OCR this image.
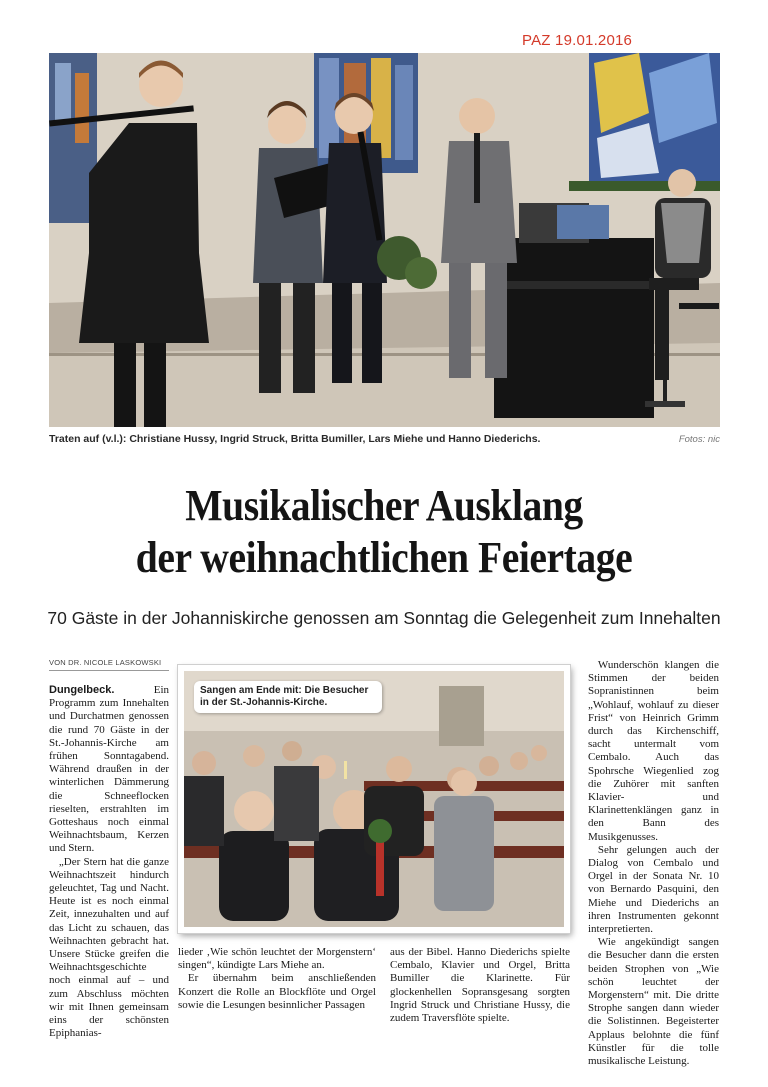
PAZ 19.01.2016
Traten auf (v.l.): Christiane Hussy, Ingrid Struck, Britta Bumiller, Lars Miehe und Hanno Diederichs.	Fotos: nic
Musikalischer Ausklang
der weihnachtlichen Feiertage

70 Gäste in der Johanniskirche genossen am Sonntag die Gelegenheit zum Innehalten

VON DR. NICOLE LASKOWSKI

Dungelbeck. Ein Programm zum Innehalten und Durchatmen genossen die rund 70 Gäste in der St.-Johannis-Kirche am frühen Sonntagabend. Während draußen in der winterlichen Dämmerung die Schneeflocken rieselten, erstrahlten im Gotteshaus noch einmal Weihnachtsbaum, Kerzen und Stern.

„Der Stern hat die ganze Weihnachtszeit hindurch geleuchtet, Tag und Nacht. Heute ist es noch einmal Zeit, innezuhalten und auf das Licht zu schauen, das Weihnachten gebracht hat. Unsere Stücke greifen die Weihnachtsgeschichte noch einmal auf – und zum Abschluss möchten wir mit Ihnen gemeinsam eins der schönsten Epiphanias-

Sangen am Ende mit: Die Besucher in der St.-Johannis-Kirche.

lieder ‚Wie schön leuchtet der Morgenstern‘ singen“, kündigte Lars Miehe an.

Er übernahm beim anschließenden Konzert die Rolle an Blockflöte und Orgel sowie die Lesungen besinnlicher Passagen

aus der Bibel. Hanno Diederichs spielte Cembalo, Klavier und Orgel, Britta Bumiller die Klarinette. Für glockenhellen Sopransgesang sorgten Ingrid Struck und Christiane Hussy, die zudem Traversflöte spielte.

Wunderschön klangen die Stimmen der beiden Sopranistinnen beim „Wohlauf, wohlauf zu dieser Frist“ von Heinrich Grimm durch das Kirchenschiff, sacht untermalt vom Cembalo. Auch das Spohrsche Wiegenlied zog die Zuhörer mit sanften Klavier- und Klarinettenklängen ganz in den Bann des Musikgenusses.

Sehr gelungen auch der Dialog von Cembalo und Orgel in der Sonata Nr. 10 von Bernardo Pasquini, den Miehe und Diederichs an ihren Instrumenten gekonnt interpretierten.

Wie angekündigt sangen die Besucher dann die ersten beiden Strophen von „Wie schön leuchtet der Morgenstern“ mit. Die dritte Strophe sangen dann wieder die Solistinnen. Begeisterter Applaus belohnte die fünf Künstler für die tolle musikalische Leistung.
